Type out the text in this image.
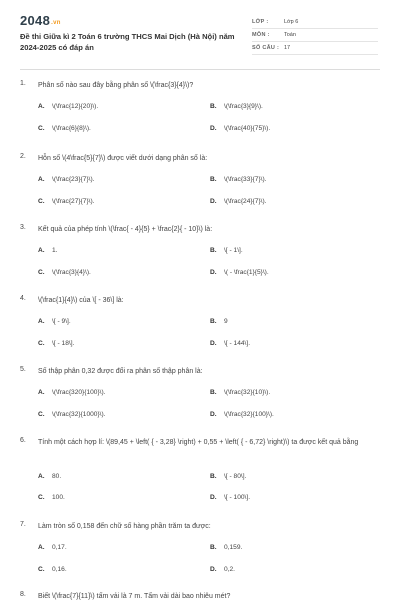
2048.vn
Đề thi Giữa kì 2 Toán 6 trường THCS Mai Dịch (Hà Nội) năm 2024-2025 có đáp án
LỚP :	Lớp 6
MÔN :	Toán
SỐ CÂU : 17
1. Phân số nào sau đây bằng phân số \(\frac{3}{4}\)?
A. \(\frac{12}{20}\).	B. \(\frac{3}{9}\).
C. \(\frac{6}{8}\).	D. \(\frac{40}{75}\).
2. Hỗn số \(4\frac{5}{7}\) được viết dưới dạng phân số là:
A. \(\frac{23}{7}\).	B. \(\frac{33}{7}\).
C. \(\frac{27}{7}\).	D. \(\frac{24}{7}\).
3. Kết quả của phép tính \(\frac{ - 4}{5} + \frac{2}{ - 10}\) là:
A. 1.	B. \[ - 1\].
C. \(\frac{3}{4}\).	D. \( - \frac{1}{5}\).
4. \(\frac{1}{4}\) của \[ - 36\] là:
A. \[ - 9\].	B. 9
C. \[ - 18\].	D. \[ - 144\].
5. Số thập phân 0,32 được đổi ra phân số thập phân là:
A. \(\frac{320}{100}\).	B. \(\frac{32}{10}\).
C. \(\frac{32}{1000}\).	D. \(\frac{32}{100}\).
6. Tính một cách hợp lí: \(89,45 + \left( { - 3,28} \right) + 0,55 + \left( { - 6,72} \right)\) ta được kết quả bằng
A. 80.	B. \[ - 80\].
C. 100.	D. \[ - 100\].
7. Làm tròn số 0,158 đến chữ số hàng phần trăm ta được:
A. 0,17.	B. 0,159.
C. 0,16.	D. 0,2.
8. Biết \(\frac{7}{11}\) tấm vải là 7 m. Tấm vải dài bao nhiêu mét?
